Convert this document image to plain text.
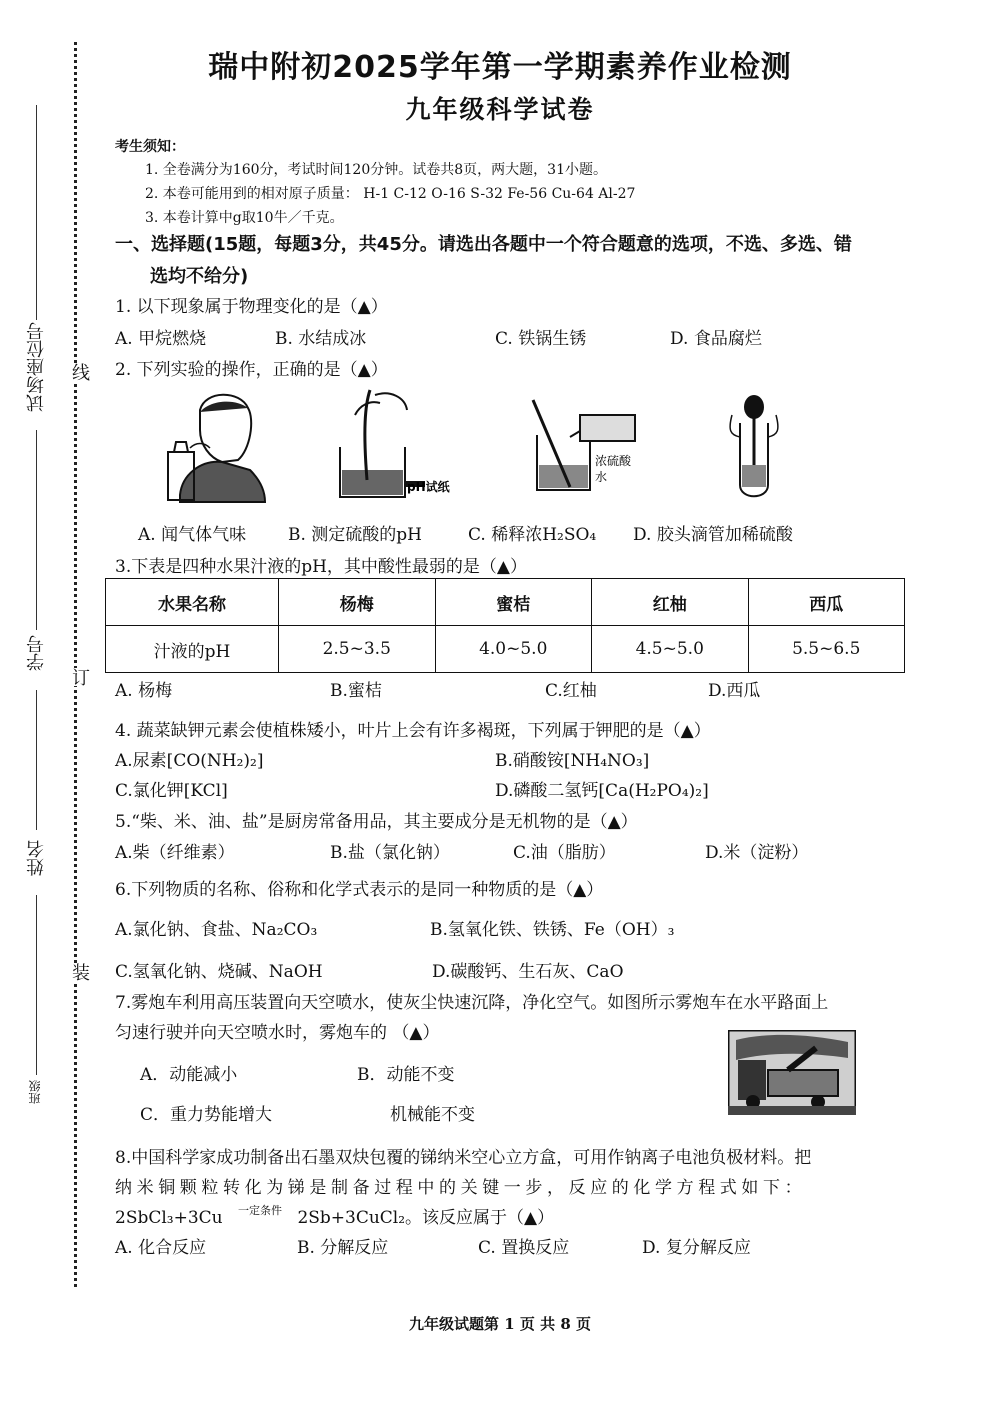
试场座位号
学号
姓名
班级
线
订
装
瑞中附初2025学年第一学期素养作业检测
九年级科学试卷
考生须知：
1. 全卷满分为160分，考试时间120分钟。试卷共8页，两大题，31小题。
2. 本卷可能用到的相对原子质量： H-1 C-12 O-16 S-32 Fe-56 Cu-64 Al-27
3. 本卷计算中g取10牛／千克。
一、选择题(15题，每题3分，共45分。请选出各题中一个符合题意的选项，不选、多选、错
选均不给分)
1. 以下现象属于物理变化的是（▲）
A. 甲烷燃烧	B. 水结成冰	C. 铁锅生锈	D. 食品腐烂
2. 下列实验的操作，正确的是（▲）
pH试纸
浓硫酸
水
A. 闻气体气味 B. 测定硫酸的pH	C. 稀释浓H₂SO₄ D. 胶头滴管加稀硫酸
3.下表是四种水果汁液的pH，其中酸性最弱的是（▲）
水果名称	杨梅	蜜桔	红柚	西瓜
汁液的pH	2.5~3.5	4.0~5.0	4.5~5.0	5.5~6.5
A. 杨梅	B.蜜桔	C.红柚	D.西瓜
4. 蔬菜缺钾元素会使植株矮小，叶片上会有许多褐斑，下列属于钾肥的是（▲）
A.尿素[CO(NH₂)₂]	B.硝酸铵[NH₄NO₃]
C.氯化钾[KCl]	D.磷酸二氢钙[Ca(H₂PO₄)₂]
5.“柴、米、油、盐”是厨房常备用品，其主要成分是无机物的是（▲）
A.柴（纤维素）	B.盐（氯化钠）	C.油（脂肪）	D.米（淀粉）
6.下列物质的名称、俗称和化学式表示的是同一种物质的是（▲）
A.氯化钠、食盐、Na₂CO₃	B.氢氧化铁、铁锈、Fe（OH）₃
C.氢氧化钠、烧碱、NaOH	D.碳酸钙、生石灰、CaO
7.雾炮车利用高压装置向天空喷水，使灰尘快速沉降，净化空气。如图所示雾炮车在水平路面上
匀速行驶并向天空喷水时，雾炮车的 （▲）
A．动能减小	B．动能不变
C．重力势能增大	机械能不变
8.中国科学家成功制备出石墨双炔包覆的锑纳米空心立方盒，可用作钠离子电池负极材料。把
纳米铜颗粒转化为锑是制备过程中的关键一步，反应的化学方程式如下：
2SbCl₃+3Cu $^{一定条件}$ 2Sb+3CuCl₂。该反应属于（▲）
A. 化合反应	B. 分解反应	C. 置换反应	D. 复分解反应
九年级试题第 1 页 共 8 页
